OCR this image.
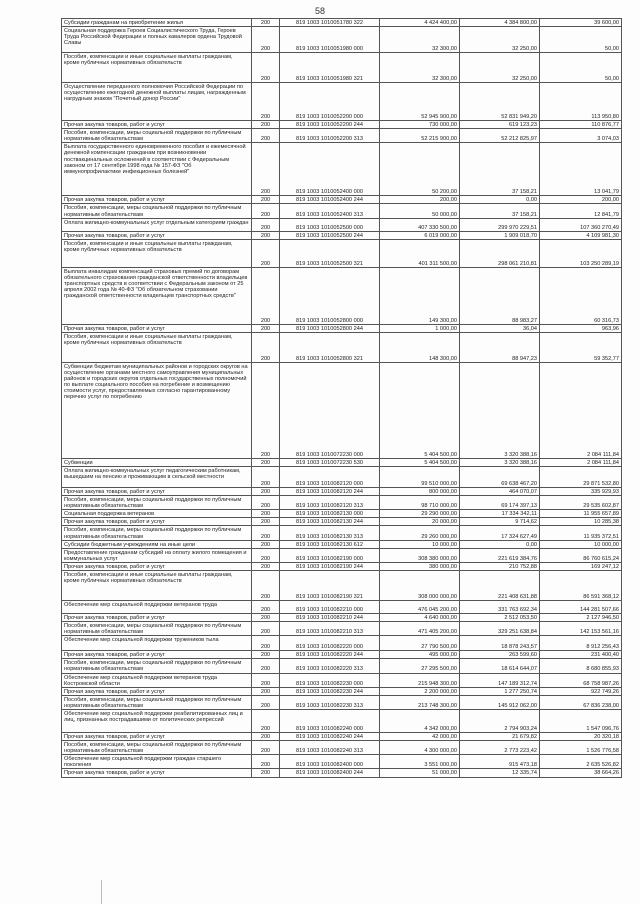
58
Субсидии гражданам на приобретение жилья	200	819 1003 1010051780 322	4 424 400,00	4 384 800,00	39 600,00
Социальная поддержка Героев Социалистического Труда, Героев Труда Российской Федерации и полных кавалеров ордена Трудовой Славы	200	819 1003 1010051980 000	32 300,00	32 250,00	50,00
Пособия, компенсации и иные социальные выплаты гражданам, кроме публичных нормативных обязательств	200	819 1003 1010051980 321	32 300,00	32 250,00	50,00
Осуществление переданного полномочия Российской Федерации по осуществлению ежегодной денежной выплаты лицам, награжденным нагрудным знаком "Почетный донор России"	200	819 1003 1010052200 000	52 945 900,00	52 831 949,20	113 950,80
Прочая закупка товаров, работ и услуг	200	819 1003 1010052200 244	730 000,00	619 123,23	110 876,77
Пособия, компенсации, меры социальной поддержки по публичным нормативным обязательствам	200	819 1003 1010052200 313	52 215 900,00	52 212 825,97	3 074,03
Выплата государственного единовременного пособия и ежемесячной денежной компенсации гражданам при возникновении поствакцинальных осложнений в соответствии с Федеральным законом от 17 сентября 1998 года № 157-ФЗ "Об иммунопрофилактике инфекционных болезней"	200	819 1003 1010052400 000	50 200,00	37 158,21	13 041,79
Прочая закупка товаров, работ и услуг	200	819 1003 1010052400 244	200,00	0,00	200,00
Пособия, компенсации, меры социальной поддержки по публичным нормативным обязательствам	200	819 1003 1010052400 313	50 000,00	37 158,21	12 841,79
Оплата жилищно-коммунальных услуг отдельным категориям граждан	200	819 1003 1010052500 000	407 330 500,00	299 970 229,51	107 360 270,49
Прочая закупка товаров, работ и услуг	200	819 1003 1010052500 244	6 019 000,00	1 909 018,70	4 109 981,30
Пособия, компенсации и иные социальные выплаты гражданам, кроме публичных нормативных обязательств	200	819 1003 1010052500 321	401 311 500,00	298 061 210,81	103 250 289,19
Выплата инвалидам компенсаций страховых премий по договорам обязательного страхования гражданской ответственности владельцев транспортных средств в соответствии с Федеральным законом от 25 апреля 2002 года № 40-ФЗ "Об обязательном страховании гражданской ответственности владельцев транспортных средств"	200	819 1003 1010052800 000	149 300,00	88 983,27	60 316,73
Прочая закупка товаров, работ и услуг	200	819 1003 1010052800 244	1 000,00	36,04	963,96
Пособия, компенсации и иные социальные выплаты гражданам, кроме публичных нормативных обязательств	200	819 1003 1010052800 321	148 300,00	88 947,23	59 352,77
Субвенции бюджетам муниципальных районов и городских округов на осуществление органами местного самоуправления муниципальных районов и городских округов отдельных государственных полномочий по выплате социального пособия на погребение и возмещению стоимости услуг, предоставляемых согласно гарантированному перечню услуг по погребению	200	819 1003 1010072230 000	5 404 500,00	3 320 388,16	2 084 111,84
Субвенции	200	819 1003 1010072230 530	5 404 500,00	3 320 388,16	2 084 111,84
Оплата жилищно-коммунальных услуг педагогическим работникам, вышедшим на пенсию и проживающим в сельской местности	200	819 1003 1010082120 000	99 510 000,00	69 638 467,20	29 871 532,80
Прочая закупка товаров, работ и услуг	200	819 1003 1010082120 244	800 000,00	464 070,07	335 929,93
Пособия, компенсации, меры социальной поддержки по публичным нормативным обязательствам	200	819 1003 1010082120 313	98 710 000,00	69 174 397,13	29 535 602,87
Социальная поддержка ветеранов	200	819 1003 1010082130 000	29 290 000,00	17 334 342,11	11 955 657,89
Прочая закупка товаров, работ и услуг	200	819 1003 1010082130 244	20 000,00	9 714,62	10 285,38
Пособия, компенсации, меры социальной поддержки по публичным нормативным обязательствам	200	819 1003 1010082130 313	29 260 000,00	17 324 627,49	11 935 372,51
Субсидии бюджетным учреждениям на иные цели	200	819 1003 1010082130 612	10 000,00	0,00	10 000,00
Предоставление гражданам субсидий на оплату жилого помещения и коммунальных услуг	200	819 1003 1010082190 000	308 380 000,00	221 619 384,76	86 760 615,24
Прочая закупка товаров, работ и услуг	200	819 1003 1010082190 244	380 000,00	210 752,88	169 247,12
Пособия, компенсации и иные социальные выплаты гражданам, кроме публичных нормативных обязательств	200	819 1003 1010082190 321	308 000 000,00	221 408 631,88	86 591 368,12
Обеспечение мер социальной поддержки ветеранов труда	200	819 1003 1010082210 000	476 045 200,00	331 763 692,34	144 281 507,66
Прочая закупка товаров, работ и услуг	200	819 1003 1010082210 244	4 640 000,00	2 512 053,50	2 127 946,50
Пособия, компенсации, меры социальной поддержки по публичным нормативным обязательствам	200	819 1003 1010082210 313	471 405 200,00	329 251 638,84	142 153 561,16
Обеспечение мер социальной поддержки тружеников тыла	200	819 1003 1010082220 000	27 790 500,00	18 878 243,57	8 912 256,43
Прочая закупка товаров, работ и услуг	200	819 1003 1010082220 244	495 000,00	263 599,60	231 400,40
Пособия, компенсации, меры социальной поддержки по публичным нормативным обязательствам	200	819 1003 1010082220 313	27 295 500,00	18 614 644,07	8 680 855,93
Обеспечение мер социальной поддержки ветеранов труда Костромской области	200	819 1003 1010082230 000	215 948 300,00	147 189 312,74	68 758 987,26
Прочая закупка товаров, работ и услуг	200	819 1003 1010082230 244	2 200 000,00	1 277 250,74	922 749,26
Пособия, компенсации, меры социальной поддержки по публичным нормативным обязательствам	200	819 1003 1010082230 313	213 748 300,00	145 912 062,00	67 836 238,00
Обеспечение мер социальной поддержки реабилитированных лиц и лиц, признанных пострадавшими от политических репрессий	200	819 1003 1010082240 000	4 342 000,00	2 794 903,24	1 547 096,76
Прочая закупка товаров, работ и услуг	200	819 1003 1010082240 244	42 000,00	21 679,82	20 320,18
Пособия, компенсации, меры социальной поддержки по публичным нормативным обязательствам	200	819 1003 1010082240 313	4 300 000,00	2 773 223,42	1 526 776,58
Обеспечение мер социальной поддержки граждан старшего поколения	200	819 1003 1010082400 000	3 551 000,00	915 473,18	2 635 526,82
Прочая закупка товаров, работ и услуг	200	819 1003 1010082400 244	51 000,00	12 335,74	38 664,26
